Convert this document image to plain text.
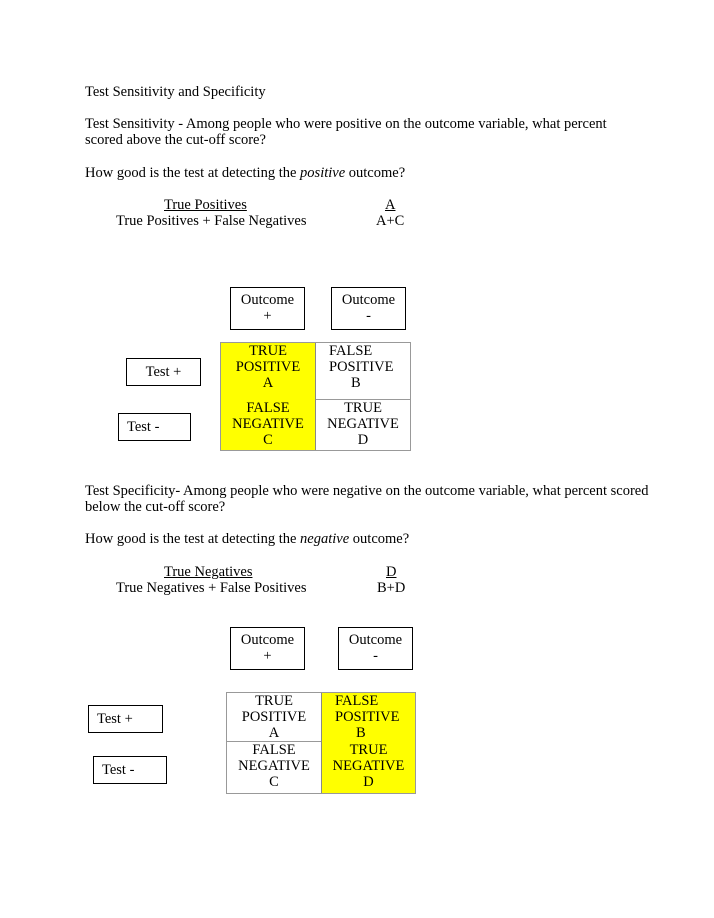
Test Sensitivity and Specificity
Test Sensitivity - Among people who were positive on the outcome variable, what percent
scored above the cut-off score?
How good is the test at detecting the positive outcome?
True Positives
True Positives + False Negatives
A
A+C
Outcome
+
Outcome
-
Test +
Test -
TRUE
POSITIVE
A
FALSE
POSITIVE
B
FALSE
NEGATIVE
C
TRUE
NEGATIVE
D
Test Specificity- Among people who were negative on the outcome variable, what percent scored
below the cut-off score?
How good is the test at detecting the negative outcome?
True Negatives
True Negatives + False Positives
D
B+D
Outcome
+
Outcome
-
Test +
Test -
TRUE
POSITIVE
A
FALSE
POSITIVE
B
FALSE
NEGATIVE
C
TRUE
NEGATIVE
D
